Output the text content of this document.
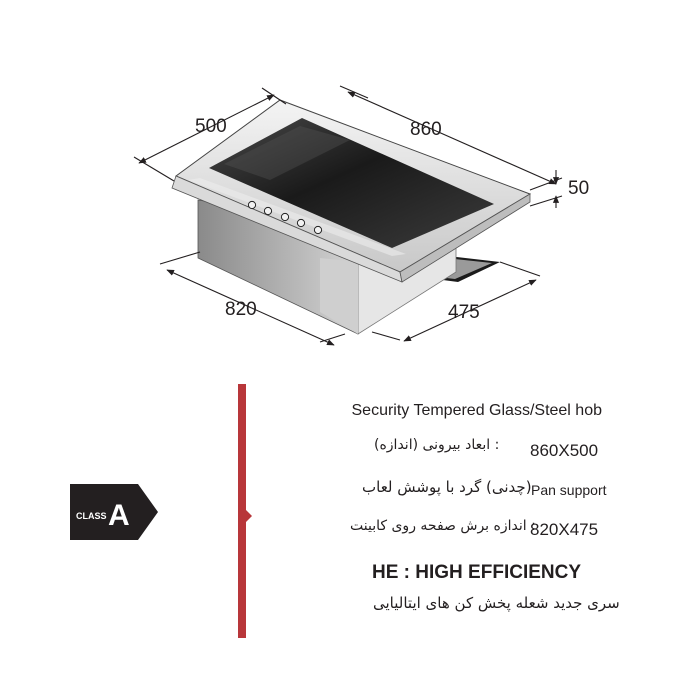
500	860
50
820	475
CLASS A
Security Tempered Glass/Steel hob
: ابعاد بیرونی (اندازه) 860X500
(چدنی) گرد با پوشش لعاب Pan support
: اندازه برش صفحه روی کابینت
820X475
HE : HIGH EFFICIENCY
سری جدید شعله پخش کن های ایتالیایی
